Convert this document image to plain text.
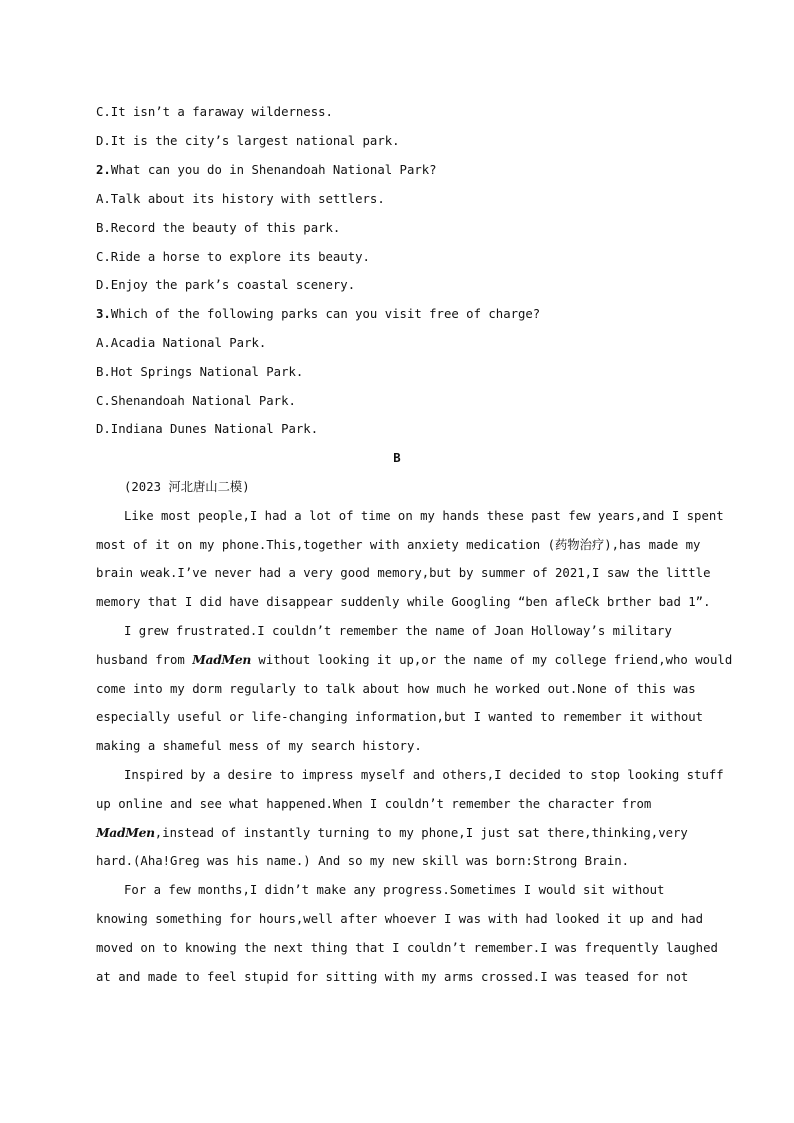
C.It isn’t a faraway wilderness.
D.It is the city’s largest national park.
2.What can you do in Shenandoah National Park?
A.Talk about its history with settlers.
B.Record the beauty of this park.
C.Ride a horse to explore its beauty.
D.Enjoy the park’s coastal scenery.
3.Which of the following parks can you visit free of charge?
A.Acadia National Park.
B.Hot Springs National Park.
C.Shenandoah National Park.
D.Indiana Dunes National Park.
B
(2023 河北唐山二模)
Like most people,I had a lot of time on my hands these past few years,and I spent
most of it on my phone.This,together with anxiety medication (药物治疗),has made my
brain weak.I’ve never had a very good memory,but by summer of 2021,I saw the little
memory that I did have disappear suddenly while Googling “ben afleCk brther bad 1”.
I grew frustrated.I couldn’t remember the name of Joan Holloway’s military
husband from MadMen without looking it up,or the name of my college friend,who would
come into my dorm regularly to talk about how much he worked out.None of this was
especially useful or life-changing information,but I wanted to remember it without
making a shameful mess of my search history.
Inspired by a desire to impress myself and others,I decided to stop looking stuff
up online and see what happened.When I couldn’t remember the character from
MadMen,instead of instantly turning to my phone,I just sat there,thinking,very
hard.(Aha!Greg was his name.) And so my new skill was born:Strong Brain.
For a few months,I didn’t make any progress.Sometimes I would sit without
knowing something for hours,well after whoever I was with had looked it up and had
moved on to knowing the next thing that I couldn’t remember.I was frequently laughed
at and made to feel stupid for sitting with my arms crossed.I was teased for not
